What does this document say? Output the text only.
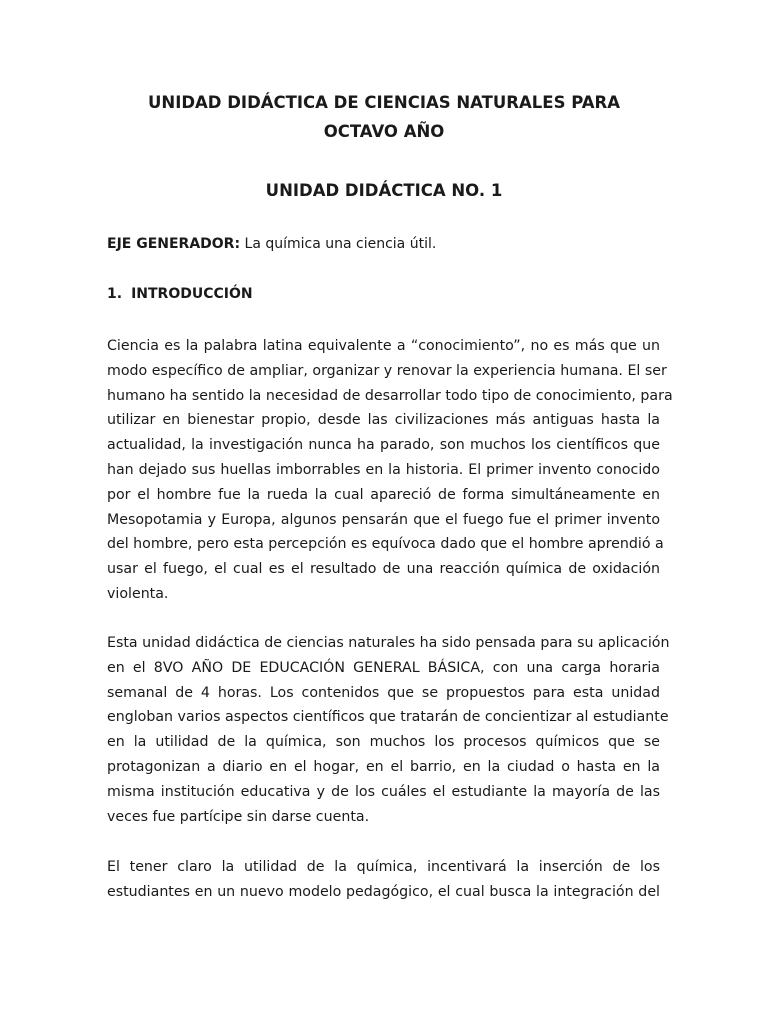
UNIDAD DIDÁCTICA DE CIENCIAS NATURALES PARA
OCTAVO AÑO
UNIDAD DIDÁCTICA NO. 1

EJE GENERADOR: La química una ciencia útil.

1. INTRODUCCIÓN

Ciencia es la palabra latina equivalente a “conocimiento”, no es más que un
modo específico de ampliar, organizar y renovar la experiencia humana. El ser
humano ha sentido la necesidad de desarrollar todo tipo de conocimiento, para
utilizar en bienestar propio, desde las civilizaciones más antiguas hasta la
actualidad, la investigación nunca ha parado, son muchos los científicos que
han dejado sus huellas imborrables en la historia. El primer invento conocido
por el hombre fue la rueda la cual apareció de forma simultáneamente en
Mesopotamia y Europa, algunos pensarán que el fuego fue el primer invento
del hombre, pero esta percepción es equívoca dado que el hombre aprendió a
usar el fuego, el cual es el resultado de una reacción química de oxidación
violenta.
Esta unidad didáctica de ciencias naturales ha sido pensada para su aplicación
en el 8VO AÑO DE EDUCACIÓN GENERAL BÁSICA, con una carga horaria
semanal de 4 horas. Los contenidos que se propuestos para esta unidad
engloban varios aspectos científicos que tratarán de concientizar al estudiante
en la utilidad de la química, son muchos los procesos químicos que se
protagonizan a diario en el hogar, en el barrio, en la ciudad o hasta en la
misma institución educativa y de los cuáles el estudiante la mayoría de las
veces fue partícipe sin darse cuenta.
El tener claro la utilidad de la química, incentivará la inserción de los
estudiantes en un nuevo modelo pedagógico, el cual busca la integración del
